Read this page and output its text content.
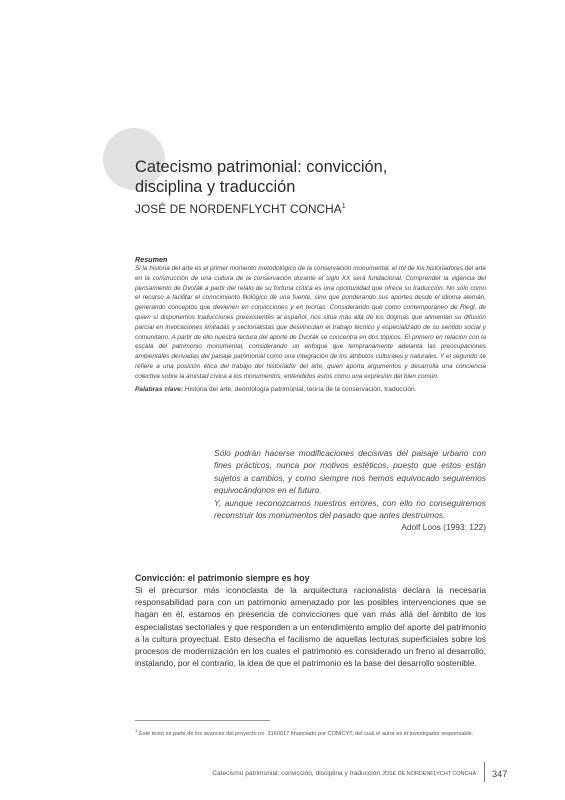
Catecismo patrimonial: convicción,
disciplina y traducción
JOSÉ DE NORDENFLYCHT CONCHA$^1$
Resumen

Si la historia del arte es el primer momento metodológico de la conservación monumental, el rol de los historiadores del arte en la construcción de una cultura de la conservación durante el siglo XX será fundacional. Comprender la vigencia del pensamiento de Dvořák a partir del relato de su fortuna crítica es una oportunidad que ofrece su traducción. No sólo como el recurso a facilitar el conocimiento filológico de una fuente, sino que ponderando sus aportes desde el idioma alemán, generando conceptos que devienen en convicciones y en teorías. Considerando que como contemporáneo de Riegl, de quien sí disponemos traducciones preexistentes al español, nos sitúa más allá de los dogmas que alimentan su difusión parcial en invocaciones limitadas y sectorialistas que desvinculan el trabajo técnico y especializado de su sentido social y comunitario. A partir de ello nuestra lectura del aporte de Dvořák se concentra en dos tópicos. El primero en relación con la escala del patrimonio monumental, considerando un enfoque que tempranamente adelanta las preocupaciones ambientales derivadas del paisaje patrimonial como una integración de los atributos culturales y naturales. Y el segundo se refiere a una posición ética del trabajo del historiador del arte, quien aporta argumentos y desarrolla una conciencia colectiva sobre la amistad cívica a los monumentos, entendidos estos como una expresión del bien común.

Palabras clave: Historia del arte, deontología patrimonial, teoría de la conservación, traducción.

Sólo podrán hacerse modificaciones decisivas del paisaje urbano con fines prácticos, nunca por motivos estéticos, puesto que estos están sujetos a cambios, y como siempre nos hemos equivocado seguiremos equivocándonos en el futuro.

Y, aunque reconozcamos nuestros errores, con ello no conseguiremos reconstruir los monumentos del pasado que antes destruimos.

Adolf Loos (1993: 122)

Convicción: el patrimonio siempre es hoy

Si el precursor más iconoclasta de la arquitectura racionalista declara la necesaria responsabilidad para con un patrimonio amenazado por las posibles intervenciones que se hagan en él, estamos en presencia de convicciones que van más allá del ámbito de los especialistas sectoriales y que responden a un entendimiento amplio del aporte del patrimonio a la cultura proyectual. Esto desecha el facilismo de aquellas lecturas superficiales sobre los procesos de modernización en los cuales el patrimonio es considerado un freno al desarrollo, instalando, por el contrario, la idea de que el patrimonio es la base del desarrollo sostenible.

$^1$ Este texto es parte de los avances del proyecto no. 3160017 financiado por CONICYT, del cual el autor es el investigador responsable.
Catecismo patrimonial: convicción, disciplina y traducción JOSÉ DE NORDENFLYCHT CONCHA 347
